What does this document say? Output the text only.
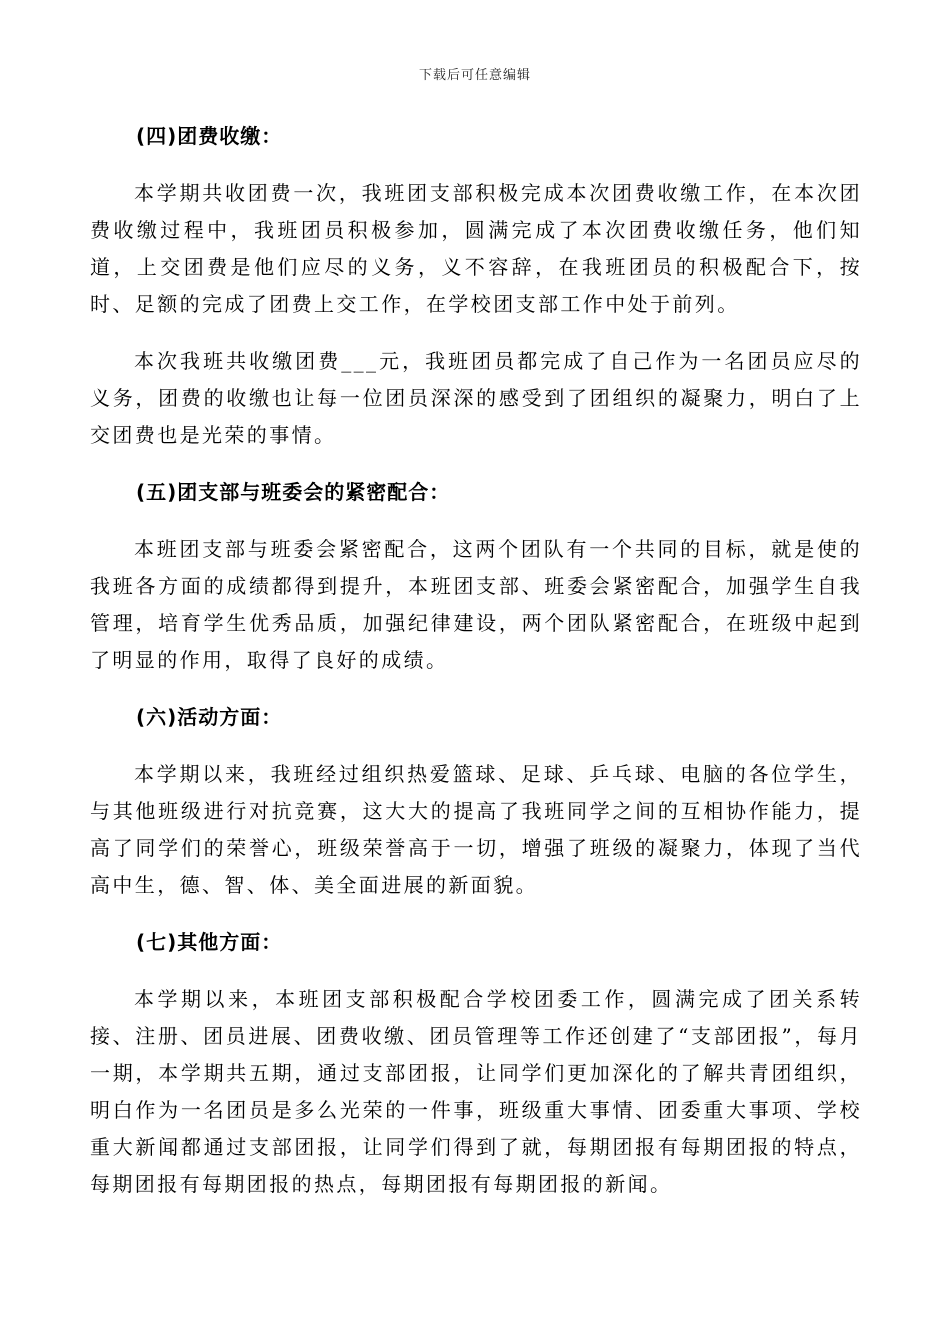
下载后可任意编辑
(四)团费收缴：

本学期共收团费一次，我班团支部积极完成本次团费收缴工作，在本次团费收缴过程中，我班团员积极参加，圆满完成了本次团费收缴任务，他们知道，上交团费是他们应尽的义务，义不容辞，在我班团员的积极配合下，按时、足额的完成了团费上交工作，在学校团支部工作中处于前列。

本次我班共收缴团费___元，我班团员都完成了自己作为一名团员应尽的义务，团费的收缴也让每一位团员深深的感受到了团组织的凝聚力，明白了上交团费也是光荣的事情。

(五)团支部与班委会的紧密配合：

本班团支部与班委会紧密配合，这两个团队有一个共同的目标，就是使的我班各方面的成绩都得到提升，本班团支部、班委会紧密配合，加强学生自我管理，培育学生优秀品质，加强纪律建设，两个团队紧密配合，在班级中起到了明显的作用，取得了良好的成绩。

(六)活动方面：

本学期以来，我班经过组织热爱篮球、足球、乒乓球、电脑的各位学生，与其他班级进行对抗竞赛，这大大的提高了我班同学之间的互相协作能力，提高了同学们的荣誉心，班级荣誉高于一切，增强了班级的凝聚力，体现了当代高中生，德、智、体、美全面进展的新面貌。

(七)其他方面：

本学期以来，本班团支部积极配合学校团委工作，圆满完成了团关系转接、注册、团员进展、团费收缴、团员管理等工作还创建了“支部团报”，每月一期，本学期共五期，通过支部团报，让同学们更加深化的了解共青团组织，明白作为一名团员是多么光荣的一件事，班级重大事情、团委重大事项、学校重大新闻都通过支部团报，让同学们得到了就，每期团报有每期团报的特点，每期团报有每期团报的热点，每期团报有每期团报的新闻。
